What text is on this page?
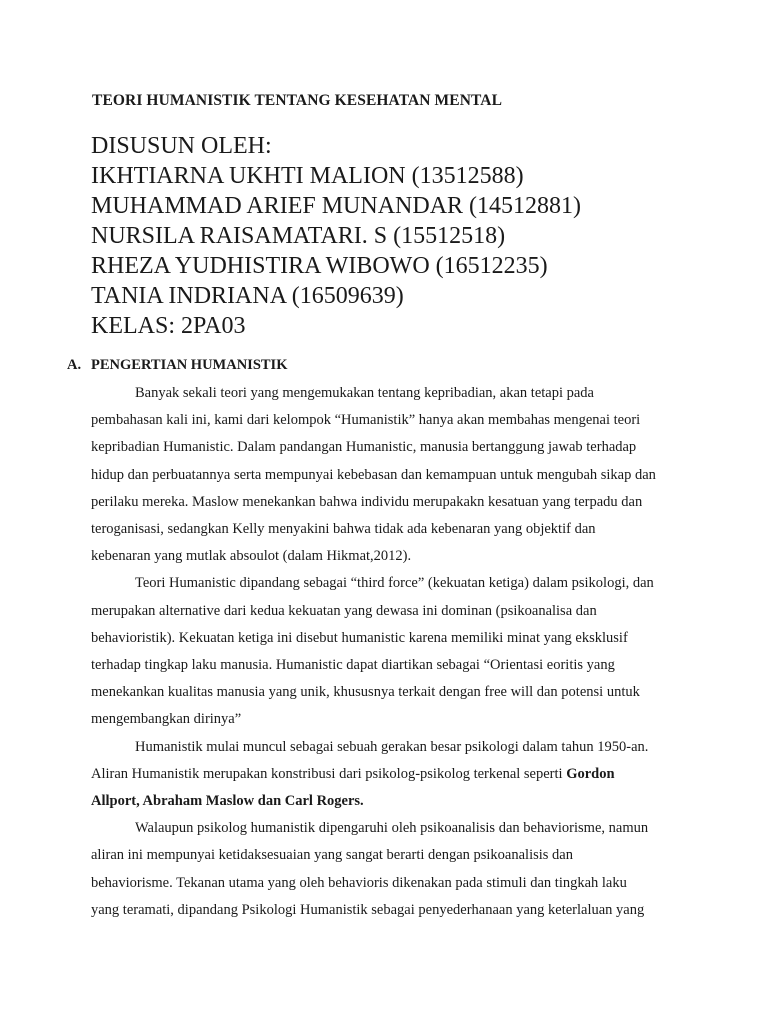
TEORI HUMANISTIK TENTANG KESEHATAN MENTAL
DISUSUN OLEH:
IKHTIARNA UKHTI MALION (13512588)
MUHAMMAD ARIEF MUNANDAR (14512881)
NURSILA RAISAMATARI. S (15512518)
RHEZA YUDHISTIRA WIBOWO (16512235)
TANIA INDRIANA (16509639)
KELAS: 2PA03
A. PENGERTIAN HUMANISTIK

Banyak sekali teori yang mengemukakan tentang kepribadian, akan tetapi pada
pembahasan kali ini, kami dari kelompok “Humanistik” hanya akan membahas mengenai teori
kepribadian Humanistic. Dalam pandangan Humanistic, manusia bertanggung jawab terhadap
hidup dan perbuatannya serta mempunyai kebebasan dan kemampuan untuk mengubah sikap dan
perilaku mereka. Maslow menekankan bahwa individu merupakakn kesatuan yang terpadu dan
teroganisasi, sedangkan Kelly menyakini bahwa tidak ada kebenaran yang objektif dan
kebenaran yang mutlak absoulot (dalam Hikmat,2012).

Teori Humanistic dipandang sebagai “third force” (kekuatan ketiga) dalam psikologi, dan
merupakan alternative dari kedua kekuatan yang dewasa ini dominan (psikoanalisa dan
behavioristik). Kekuatan ketiga ini disebut humanistic karena memiliki minat yang eksklusif
terhadap tingkap laku manusia. Humanistic dapat diartikan sebagai “Orientasi eoritis yang
menekankan kualitas manusia yang unik, khususnya terkait dengan free will dan potensi untuk
mengembangkan dirinya”

Humanistik mulai muncul sebagai sebuah gerakan besar psikologi dalam tahun 1950-an.
Aliran Humanistik merupakan konstribusi dari psikolog-psikolog terkenal seperti Gordon
Allport, Abraham Maslow dan Carl Rogers.

Walaupun psikolog humanistik dipengaruhi oleh psikoanalisis dan behaviorisme, namun
aliran ini mempunyai ketidaksesuaian yang sangat berarti dengan psikoanalisis dan
behaviorisme. Tekanan utama yang oleh behavioris dikenakan pada stimuli dan tingkah laku
yang teramati, dipandang Psikologi Humanistik sebagai penyederhanaan yang keterlaluan yang
